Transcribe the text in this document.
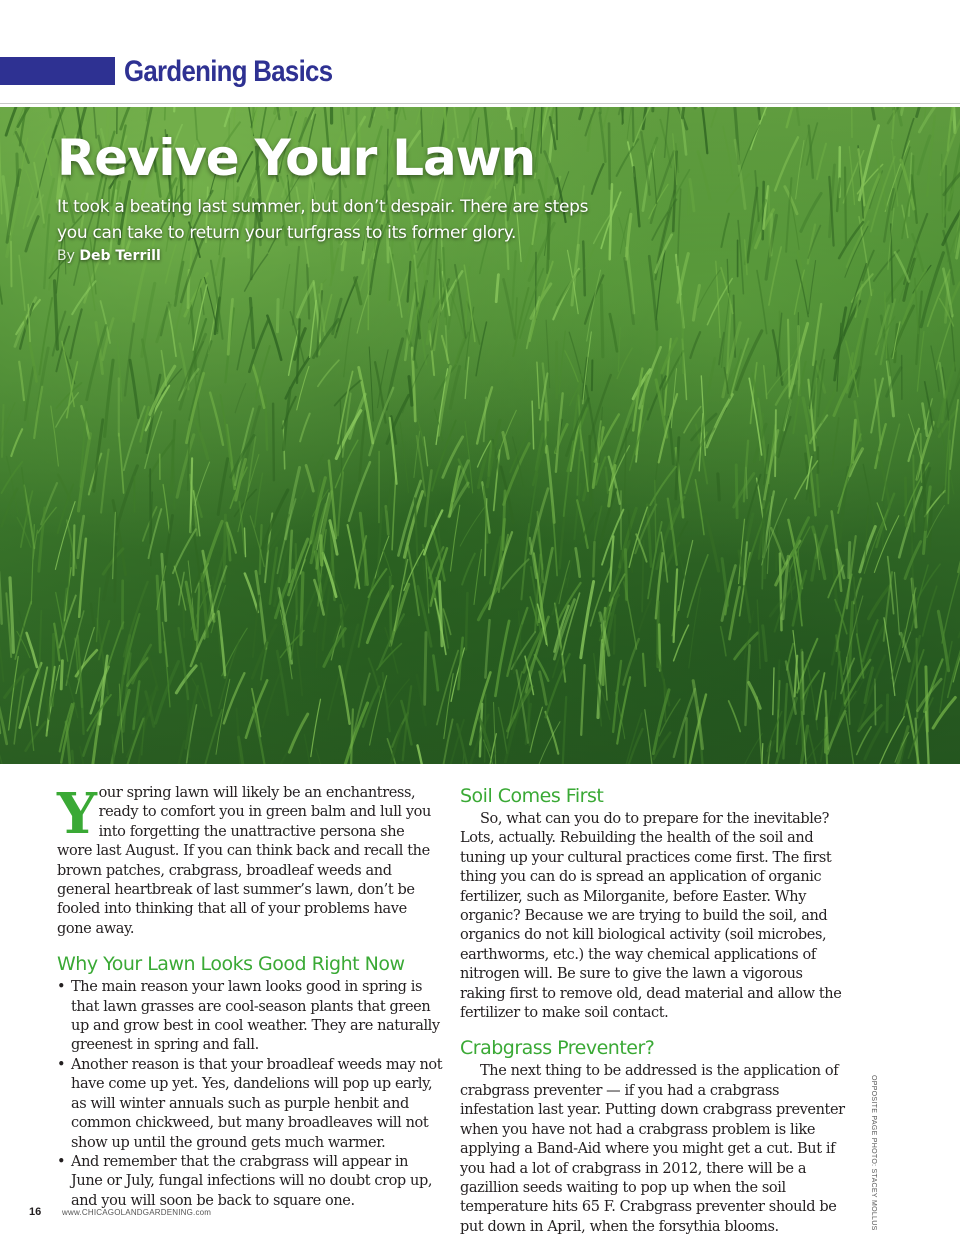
Gardening Basics
Revive Your Lawn

It took a beating last summer, but don’t despair. There are steps you can take to return your turfgrass to its former glory.

By Deb Terrill

Your spring lawn will likely be an enchantress, ready to comfort you in green balm and lull you into forgetting the unattractive persona she wore last August. If you can think back and recall the brown patches, crabgrass, broadleaf weeds and general heartbreak of last summer’s lawn, don’t be fooled into thinking that all of your problems have gone away.

Why Your Lawn Looks Good Right Now
• The main reason your lawn looks good in spring is that lawn grasses are cool-season plants that green up and grow best in cool weather. They are naturally greenest in spring and fall.
• Another reason is that your broadleaf weeds may not have come up yet. Yes, dandelions will pop up early, as will winter annuals such as purple henbit and common chickweed, but many broadleaves will not show up until the ground gets much warmer.
• And remember that the crabgrass will appear in June or July, fungal infections will no doubt crop up, and you will soon be back to square one.
Soil Comes First

So, what can you do to prepare for the inevitable? Lots, actually. Rebuilding the health of the soil and tuning up your cultural practices come first. The first thing you can do is spread an application of organic fertilizer, such as Milorganite, before Easter. Why organic? Because we are trying to build the soil, and organics do not kill biological activity (soil microbes, earthworms, etc.) the way chemical applications of nitrogen will. Be sure to give the lawn a vigorous raking first to remove old, dead material and allow the fertilizer to make soil contact.

Crabgrass Preventer?

The next thing to be addressed is the application of crabgrass preventer — if you had a crabgrass infestation last year. Putting down crabgrass preventer when you have not had a crabgrass problem is like applying a Band-Aid where you might get a cut. But if you had a lot of crabgrass in 2012, there will be a gazillion seeds waiting to pop up when the soil temperature hits 65 F. Crabgrass preventer should be put down in April, when the forsythia blooms.	OPPOSITE PAGE PHOTO: STACEY MOLLUS
16	www.CHICAGOLANDGARDENING.com
